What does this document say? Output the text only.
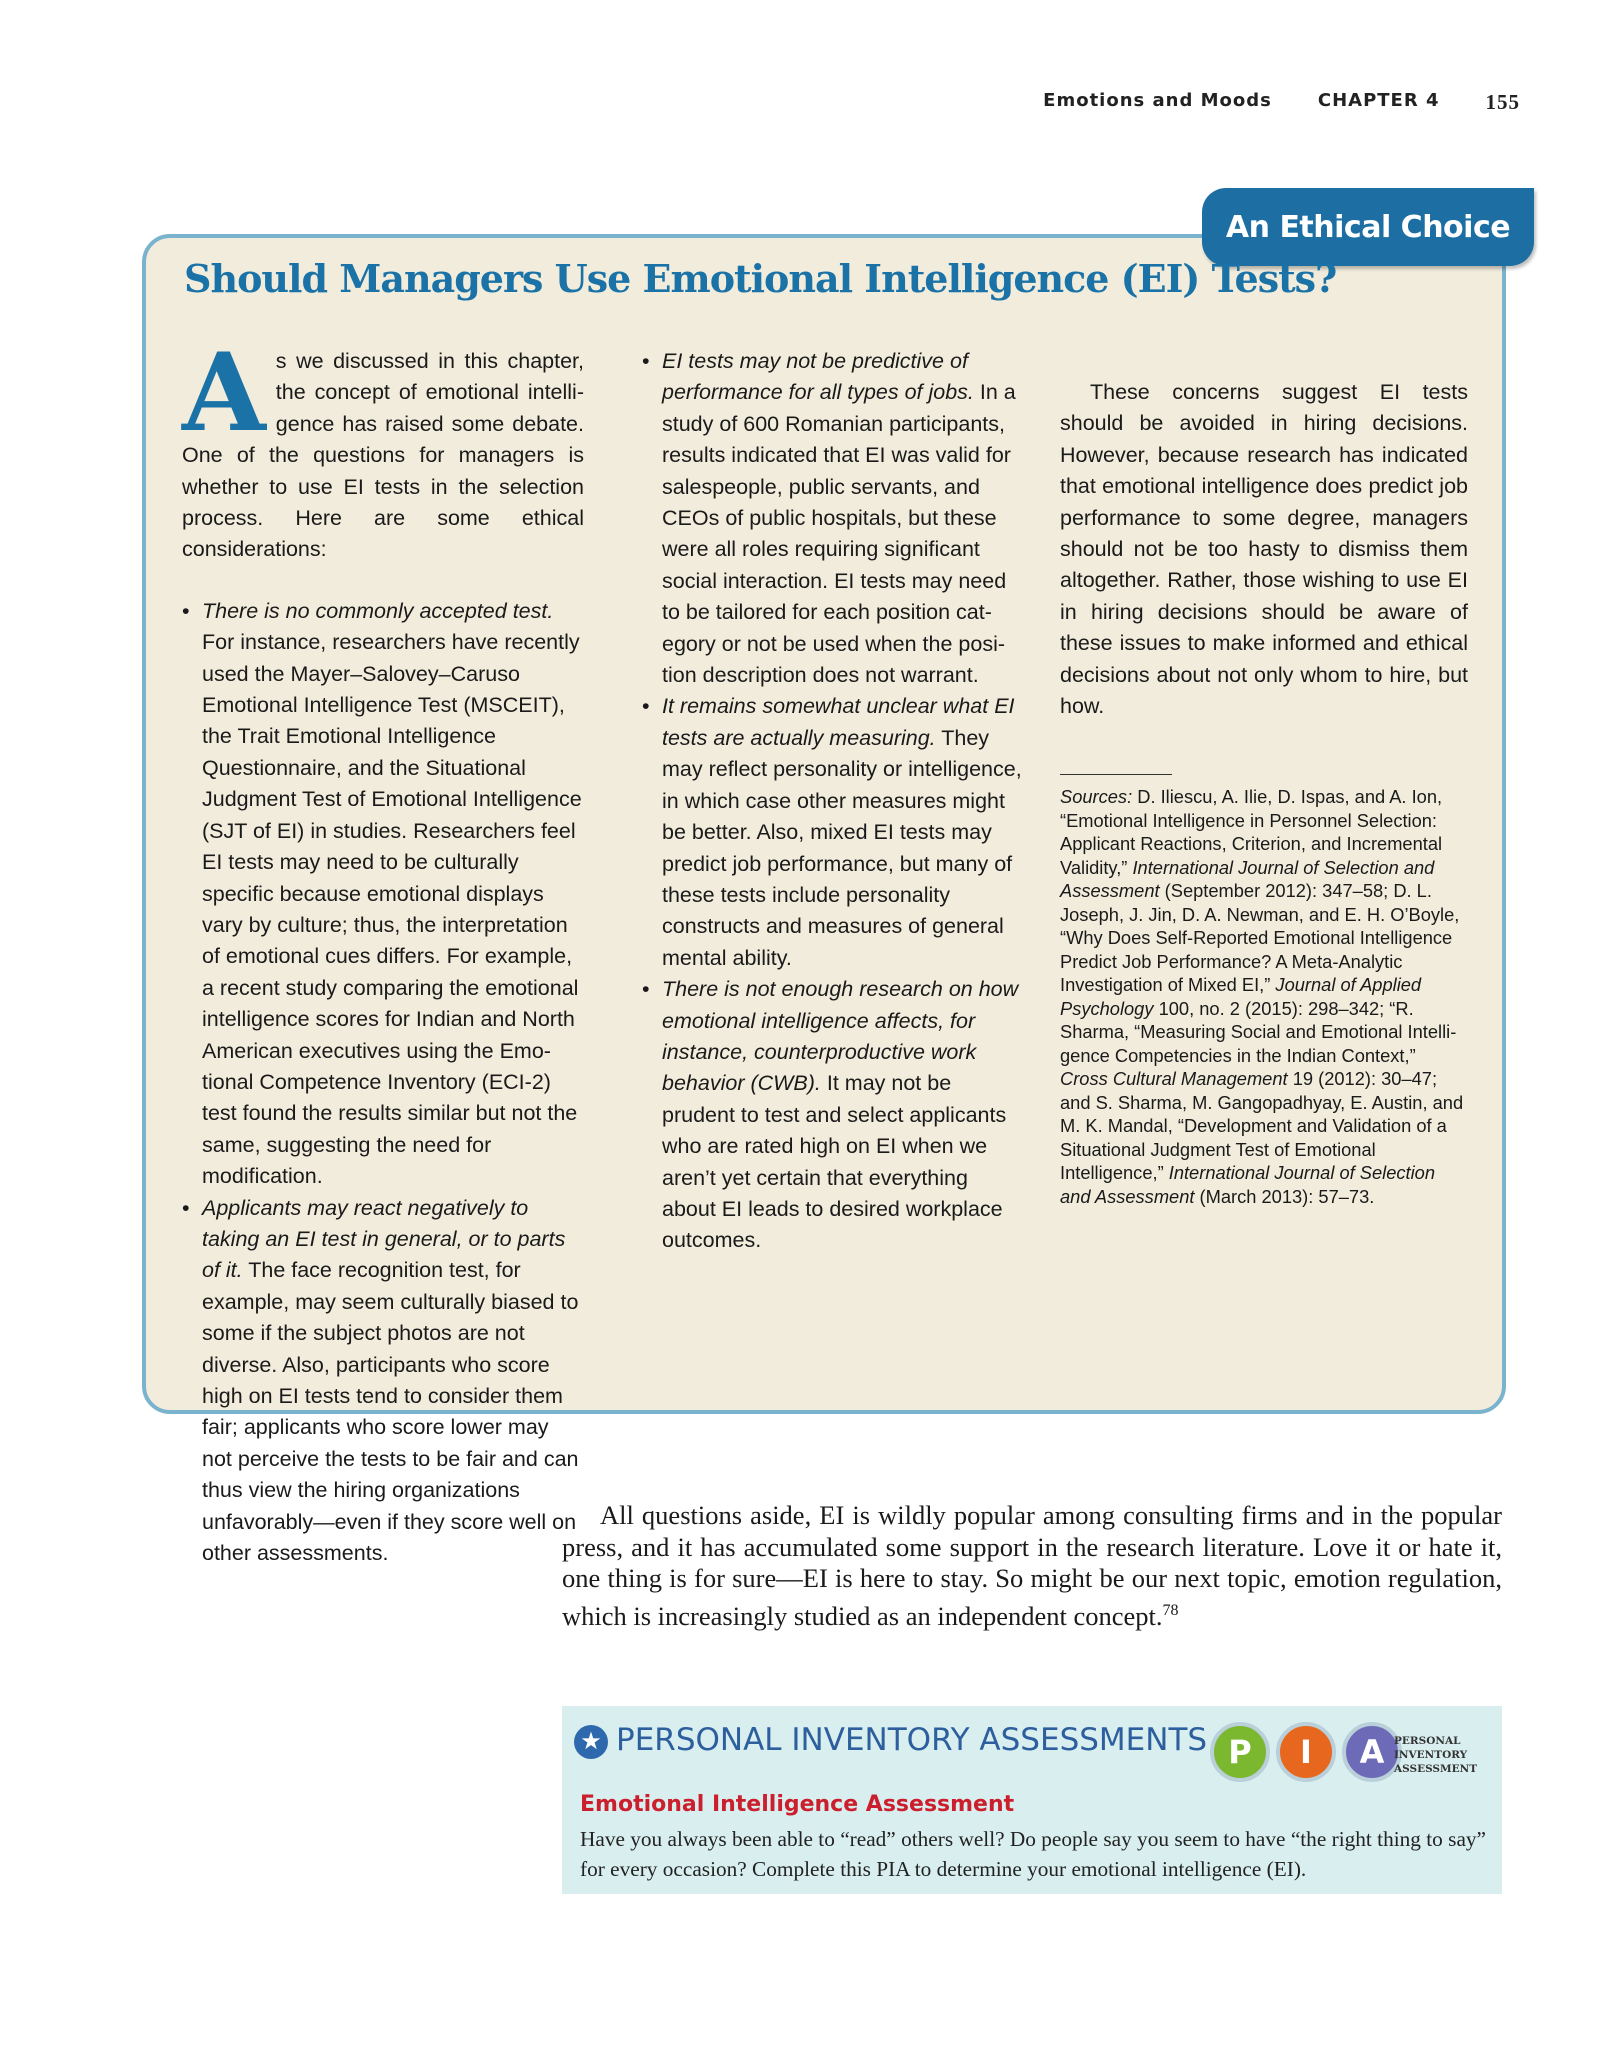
Emotions and Moods	CHAPTER 4 155
An Ethical Choice
Should Managers Use Emotional Intelligence (EI) Tests?

As we discussed in this chapter, the concept of emotional intelligence has raised some debate. One of the questions for managers is whether to use EI tests in the selection process. Here are some ethical considerations:

• There is no commonly accepted test. For instance, researchers have recently used the Mayer–Salovey–Caruso Emotional Intelligence Test (MSCEIT), the Trait Emotional Intelligence Questionnaire, and the Situational Judgment Test of Emotional Intelligence (SJT of EI) in studies. Researchers feel EI tests may need to be culturally specific because emotional displays vary by culture; thus, the interpretation of emotional cues differs. For example, a recent study comparing the emotional intelligence scores for Indian and North American executives using the Emotional Competence Inventory (ECI-2) test found the results similar but not the same, suggesting the need for modification.
• Applicants may react negatively to taking an EI test in general, or to parts of it. The face recognition test, for example, may seem culturally biased to some if the subject photos are not diverse. Also, participants who score high on EI tests tend to consider them fair; applicants who score lower may not perceive the tests to be fair and can thus view the hiring organizations unfavorably—even if they score well on other assessments.
• EI tests may not be predictive of performance for all types of jobs. In a study of 600 Romanian participants, results indicated that EI was valid for salespeople, public servants, and CEOs of public hospitals, but these were all roles requiring significant social interaction. EI tests may need to be tailored for each position category or not be used when the position description does not warrant.
• It remains somewhat unclear what EI tests are actually measuring. They may reflect personality or intelligence, in which case other measures might be better. Also, mixed EI tests may predict job performance, but many of these tests include personality constructs and measures of general mental ability.
• There is not enough research on how emotional intelligence affects, for instance, counterproductive work behavior (CWB). It may not be prudent to test and select applicants who are rated high on EI when we aren’t yet certain that everything about EI leads to desired workplace outcomes.

These concerns suggest EI tests should be avoided in hiring decisions. However, because research has indicated that emotional intelligence does predict job performance to some degree, managers should not be too hasty to dismiss them altogether. Rather, those wishing to use EI in hiring decisions should be aware of these issues to make informed and ethical decisions about not only whom to hire, but how.

Sources: D. Iliescu, A. Ilie, D. Ispas, and A. Ion, “Emotional Intelligence in Personnel Selection: Applicant Reactions, Criterion, and Incremental Validity,” International Journal of Selection and Assessment (September 2012): 347–58; D. L. Joseph, J. Jin, D. A. Newman, and E. H. O’Boyle, “Why Does Self-Reported Emotional Intelligence Predict Job Performance? A Meta-Analytic Investigation of Mixed EI,” Journal of Applied Psychology 100, no. 2 (2015): 298–342; “R. Sharma, “Measuring Social and Emotional Intelligence Competencies in the Indian Context,” Cross Cultural Management 19 (2012): 30–47; and S. Sharma, M. Gangopadhyay, E. Austin, and M. K. Mandal, “Development and Validation of a Situational Judgment Test of Emotional Intelligence,” International Journal of Selection and Assessment (March 2013): 57–73.

All questions aside, EI is wildly popular among consulting firms and in the popular press, and it has accumulated some support in the research literature. Love it or hate it, one thing is for sure—EI is here to stay. So might be our next topic, emotion regulation, which is increasingly studied as an independent concept.$^{78}$

★ PERSONAL INVENTORY ASSESSMENTS P	I	A PERSONAL
INVENTORY
ASSESSMENT
Emotional Intelligence Assessment
Have you always been able to “read” others well? Do people say you seem to have “the right thing to say” for every occasion? Complete this PIA to determine your emotional intelligence (EI).
